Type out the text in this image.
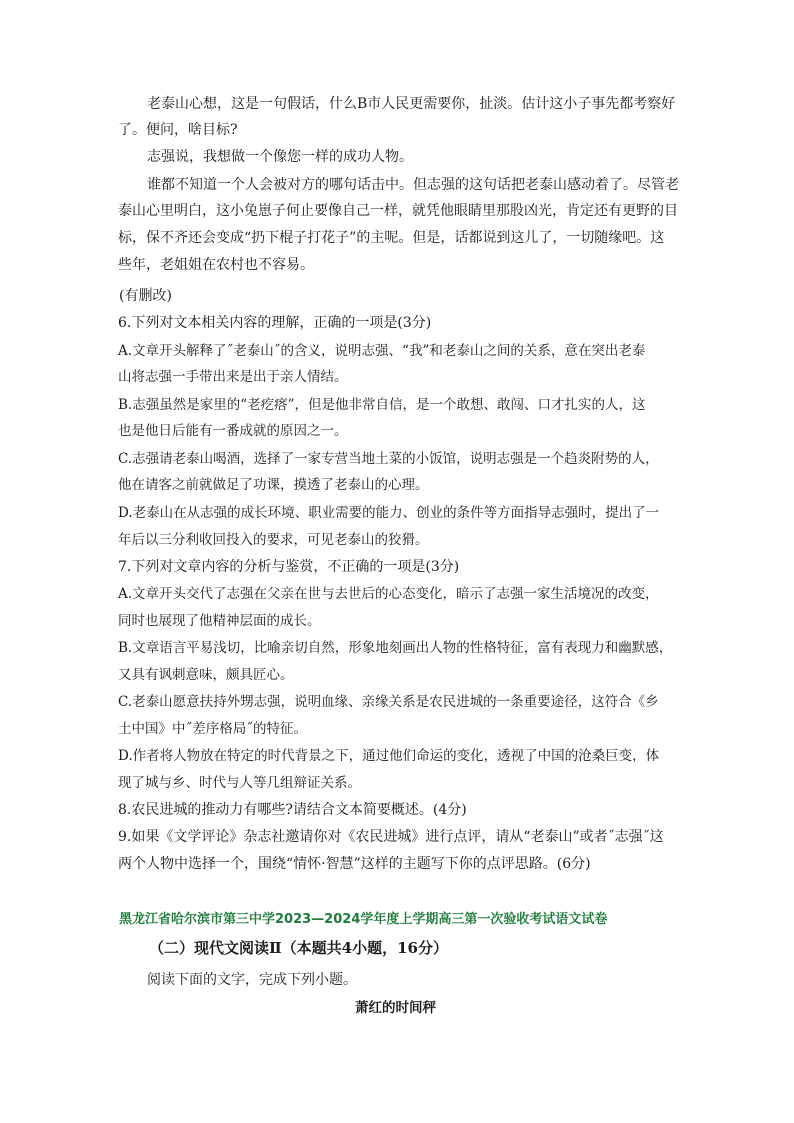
老泰山心想，这是一句假话，什么B市人民更需要你，扯淡。估计这小子事先都考察好
了。便问，啥目标?
志强说，我想做一个像您一样的成功人物。
谁都不知道一个人会被对方的哪句话击中。但志强的这句话把老泰山感动着了。尽管老
泰山心里明白，这小兔崽子何止要像自己一样，就凭他眼睛里那股凶光，肯定还有更野的目
标，保不齐还会变成“扔下棍子打花子”的主呢。但是，话都说到这儿了，一切随缘吧。这
些年，老姐姐在农村也不容易。
(有删改)
6.下列对文本相关内容的理解，正确的一项是(3分)
A.文章开头解释了˝老泰山˝的含义，说明志强、“我”和老泰山之间的关系，意在突出老泰
山将志强一手带出来是出于亲人情结。
B.志强虽然是家里的“老疙瘩”，但是他非常自信，是一个敢想、敢闯、口才扎实的人，这
也是他日后能有一番成就的原因之一。
C.志强请老泰山喝酒，选择了一家专营当地土菜的小饭馆，说明志强是一个趋炎附势的人，
他在请客之前就做足了功课，摸透了老泰山的心理。
D.老泰山在从志强的成长环境、职业需要的能力、创业的条件等方面指导志强时，提出了一
年后以三分利收回投入的要求，可见老泰山的狡猾。
7.下列对文章内容的分析与鉴赏，不正确的一项是(3分)
A.文章开头交代了志强在父亲在世与去世后的心态变化，暗示了志强一家生活境况的改变，
同时也展现了他精神层面的成长。
B.文章语言平易浅切，比喻亲切自然，形象地刻画出人物的性格特征，富有表现力和幽默感，
又具有讽刺意味，颇具匠心。
C.老泰山愿意扶持外甥志强，说明血缘、亲缘关系是农民进城的一条重要途径，这符合《乡
土中国》中˝差序格局˝的特征。
D.作者将人物放在特定的时代背景之下，通过他们命运的变化，透视了中国的沧桑巨变，体
现了城与乡、时代与人等几组辩证关系。
8.农民进城的推动力有哪些?请结合文本简要概述。(4分)
9.如果《文学评论》杂志社邀请你对《农民进城》进行点评，请从“老泰山”或者˝志强˝这
两个人物中选择一个，围绕“情怀·智慧”这样的主题写下你的点评思路。(6分)
黑龙江省哈尔滨市第三中学2023—2024学年度上学期高三第一次验收考试语文试卷
（二）现代文阅读Ⅱ（本题共4小题，16分）
阅读下面的文字，完成下列小题。
萧红的时间秤
